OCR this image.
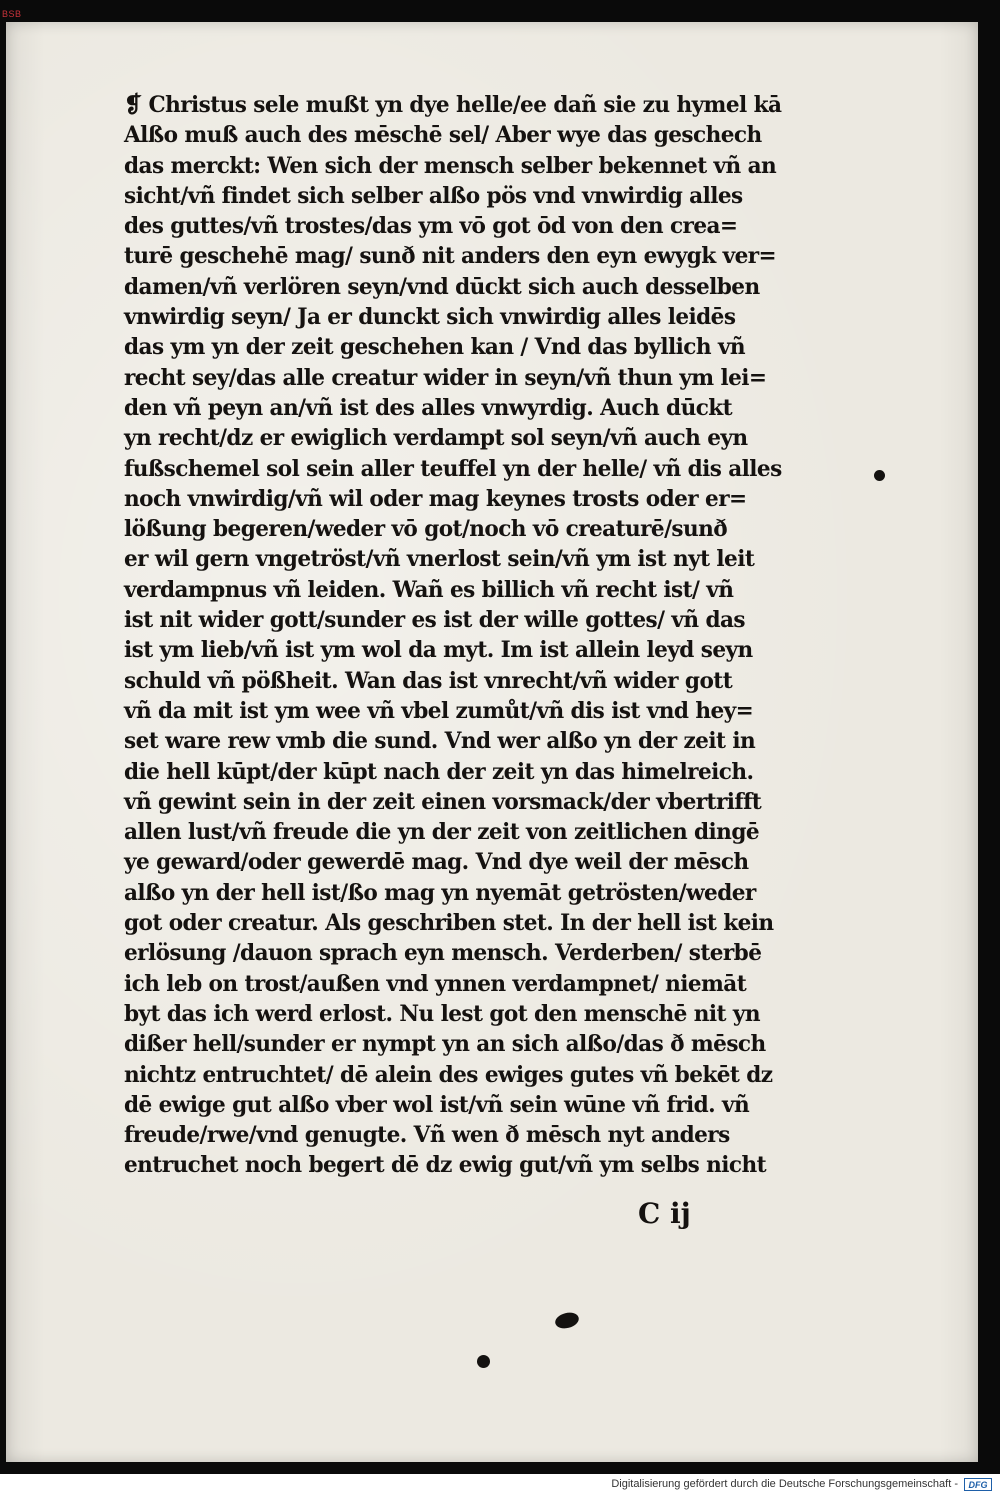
BSB
❡ Christus sele mußt yn dye helle/ee dañ sie zu hymel kā
Alßo muß auch des mēschē sel/ Aber wye das geschech
das merckt: Wen sich der mensch selber bekennet vñ an
sicht/vñ findet sich selber alßo pös vnd vnwirdig alles
des guttes/vñ trostes/das ym vō got ōd von den crea=
turē geschehē mag/ sunð nit anders den eyn ewygk ver=
damen/vñ verlören seyn/vnd dūckt sich auch desselben
vnwirdig seyn/ Ja er dunckt sich vnwirdig alles leidēs
das ym yn der zeit geschehen kan / Vnd das byllich vñ
recht sey/das alle creatur wider in seyn/vñ thun ym lei=
den vñ peyn an/vñ ist des alles vnwyrdig. Auch dūckt
yn recht/dz er ewiglich verdampt sol seyn/vñ auch eyn
fußschemel sol sein aller teuffel yn der helle/ vñ dis alles
noch vnwirdig/vñ wil oder mag keynes trosts oder er=
lößung begeren/weder vō got/noch vō creaturē/sunð
er wil gern vngetröst/vñ vnerlost sein/vñ ym ist nyt leit
verdampnus vñ leiden. Wañ es billich vñ recht ist/ vñ
ist nit wider gott/sunder es ist der wille gottes/ vñ das
ist ym lieb/vñ ist ym wol da myt. Im ist allein leyd seyn
schuld vñ pößheit. Wan das ist vnrecht/vñ wider gott
vñ da mit ist ym wee vñ vbel zumůt/vñ dis ist vnd hey=
set ware rew vmb die sund. Vnd wer alßo yn der zeit in
die hell kūpt/der kūpt nach der zeit yn das himelreich.
vñ gewint sein in der zeit einen vorsmack/der vbertrifft
allen lust/vñ freude die yn der zeit von zeitlichen dingē
ye geward/oder gewerdē mag. Vnd dye weil der mēsch
alßo yn der hell ist/ßo mag yn nyemāt getrösten/weder
got oder creatur. Als geschriben stet. In der hell ist kein
erlösung /dauon sprach eyn mensch. Verderben/ sterbē
ich leb on trost/außen vnd ynnen verdampnet/ niemāt
byt das ich werd erlost. Nu lest got den menschē nit yn
dißer hell/sunder er nympt yn an sich alßo/das ð mēsch
nichtz entruchtet/ dē alein des ewiges gutes vñ bekēt dz
dē ewige gut alßo vber wol ist/vñ sein wūne vñ frid. vñ
freude/rwe/vnd genugte. Vñ wen ð mēsch nyt anders
entruchet noch begert dē dz ewig gut/vñ ym selbs nicht
C ij
Digitalisierung gefördert durch die Deutsche Forschungsgemeinschaft -	DFG
